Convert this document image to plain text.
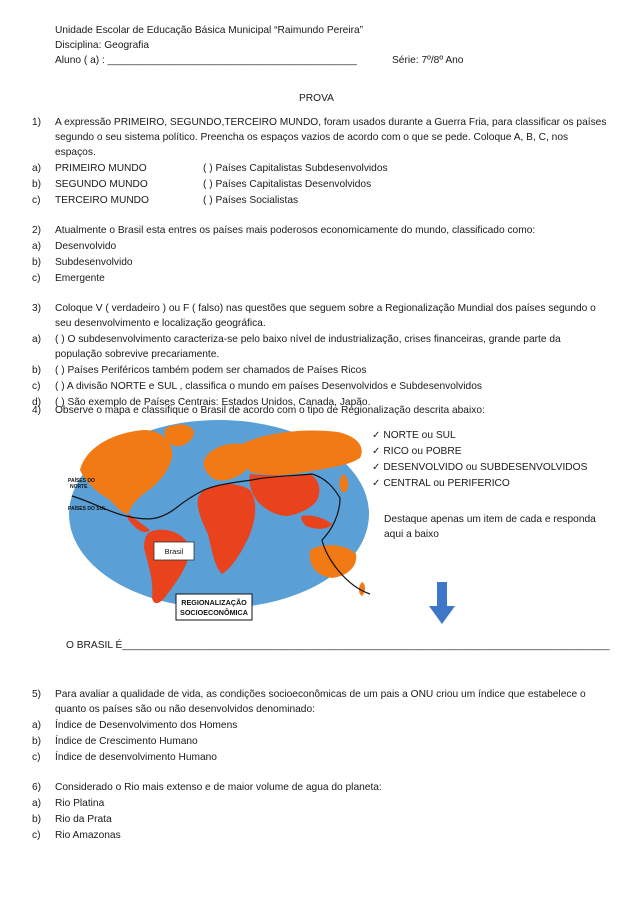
Unidade Escolar de Educação Básica Municipal “Raimundo Pereira”
Disciplina: Geografia
Aluno ( a) : ____________________________________________	Série: 7º/8º Ano
PROVA
1) A expressão PRIMEIRO, SEGUNDO,TERCEIRO MUNDO, foram usados durante a Guerra Fria, para classificar os países
segundo o seu sistema político. Preencha os espaços vazios de acordo com o que se pede. Coloque A, B, C, nos
espaços.
a) PRIMEIRO MUNDO	( ) Países Capitalistas Subdesenvolvidos
b) SEGUNDO MUNDO	( ) Países Capitalistas Desenvolvidos
c) TERCEIRO MUNDO	( ) Países Socialistas
2) Atualmente o Brasil esta entres os países mais poderosos economicamente do mundo, classificado como:
a) Desenvolvido
b) Subdesenvolvido
c) Emergente
3) Coloque V ( verdadeiro ) ou F ( falso) nas questões que seguem sobre a Regionalização Mundial dos países segundo o
seu desenvolvimento e localização geográfica.
a) ( ) O subdesenvolvimento caracteriza-se pelo baixo nível de industrialização, crises financeiras, grande parte da
população sobrevive precariamente.
b) ( ) Países Periféricos também podem ser chamados de Países Ricos
c) ( ) A divisão NORTE e SUL , classifica o mundo em países Desenvolvidos e Subdesenvolvidos
d) ( ) São exemplo de Países Centrais: Estados Unidos, Canada, Japão.
4) Observe o mapa e classifique o Brasil de acordo com o tipo de Regionalização descrita abaixo:
PAÍSES DO
NORTE
PAÍSES DO SUL
Brasil
REGIONALIZAÇÃO
SOCIOECONÔMICA
✓ NORTE ou SUL
✓ RICO ou POBRE
✓ DESENVOLVIDO ou SUBDESENVOLVIDOS
✓ CENTRAL ou PERIFERICO
Destaque apenas um item de cada e responda
aqui a baixo
O BRASIL É______________________________________________________________________________________
5) Para avaliar a qualidade de vida, as condições socioeconômicas de um pais a ONU criou um índice que estabelece o
quanto os países são ou não desenvolvidos denominado:
a) Índice de Desenvolvimento dos Homens
b) Índice de Crescimento Humano
c) Índice de desenvolvimento Humano
6) Considerado o Rio mais extenso e de maior volume de agua do planeta:
a) Rio Platina
b) Rio da Prata
c) Rio Amazonas
